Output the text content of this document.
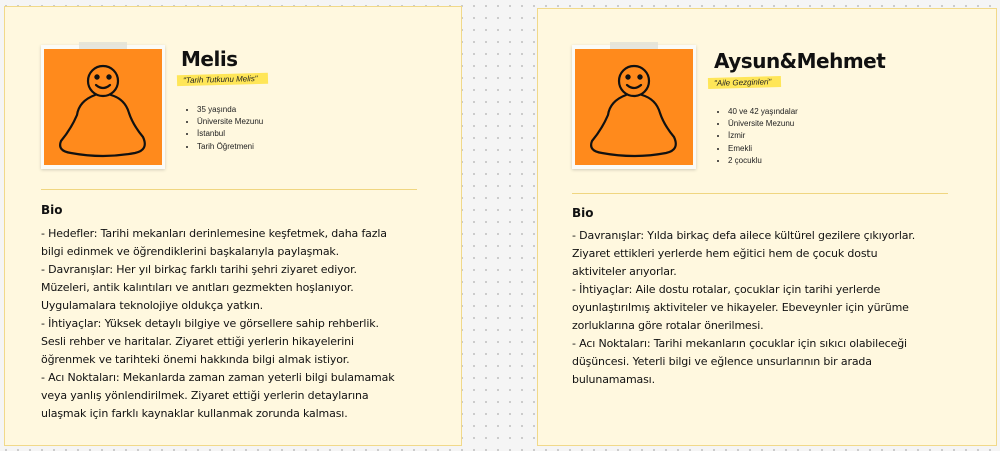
Melis
"Tarih Tutkunu Melis"
• 35 yaşında
• Üniversite Mezunu
• İstanbul
• Tarih Öğretmeni
Bio
- Hedefler: Tarihi mekanları derinlemesine keşfetmek, daha fazla
bilgi edinmek ve öğrendiklerini başkalarıyla paylaşmak.
- Davranışlar: Her yıl birkaç farklı tarihi şehri ziyaret ediyor.
Müzeleri, antik kalıntıları ve anıtları gezmekten hoşlanıyor.
Uygulamalara teknolojiye oldukça yatkın.
- İhtiyaçlar: Yüksek detaylı bilgiye ve görsellere sahip rehberlik.
Sesli rehber ve haritalar. Ziyaret ettiği yerlerin hikayelerini
öğrenmek ve tarihteki önemi hakkında bilgi almak istiyor.
- Acı Noktaları: Mekanlarda zaman zaman yeterli bilgi bulamamak
veya yanlış yönlendirilmek. Ziyaret ettiği yerlerin detaylarına
ulaşmak için farklı kaynaklar kullanmak zorunda kalması.
Aysun&Mehmet
"Aile Gezginleri"
• 40 ve 42 yaşındalar
• Üniversite Mezunu
• İzmir
• Emekli
• 2 çocuklu
Bio
- Davranışlar: Yılda birkaç defa ailece kültürel gezilere çıkıyorlar.
Ziyaret ettikleri yerlerde hem eğitici hem de çocuk dostu
aktiviteler arıyorlar.
- İhtiyaçlar: Aile dostu rotalar, çocuklar için tarihi yerlerde
oyunlaştırılmış aktiviteler ve hikayeler. Ebeveynler için yürüme
zorluklarına göre rotalar önerilmesi.
- Acı Noktaları: Tarihi mekanların çocuklar için sıkıcı olabileceği
düşüncesi. Yeterli bilgi ve eğlence unsurlarının bir arada
bulunamaması.
